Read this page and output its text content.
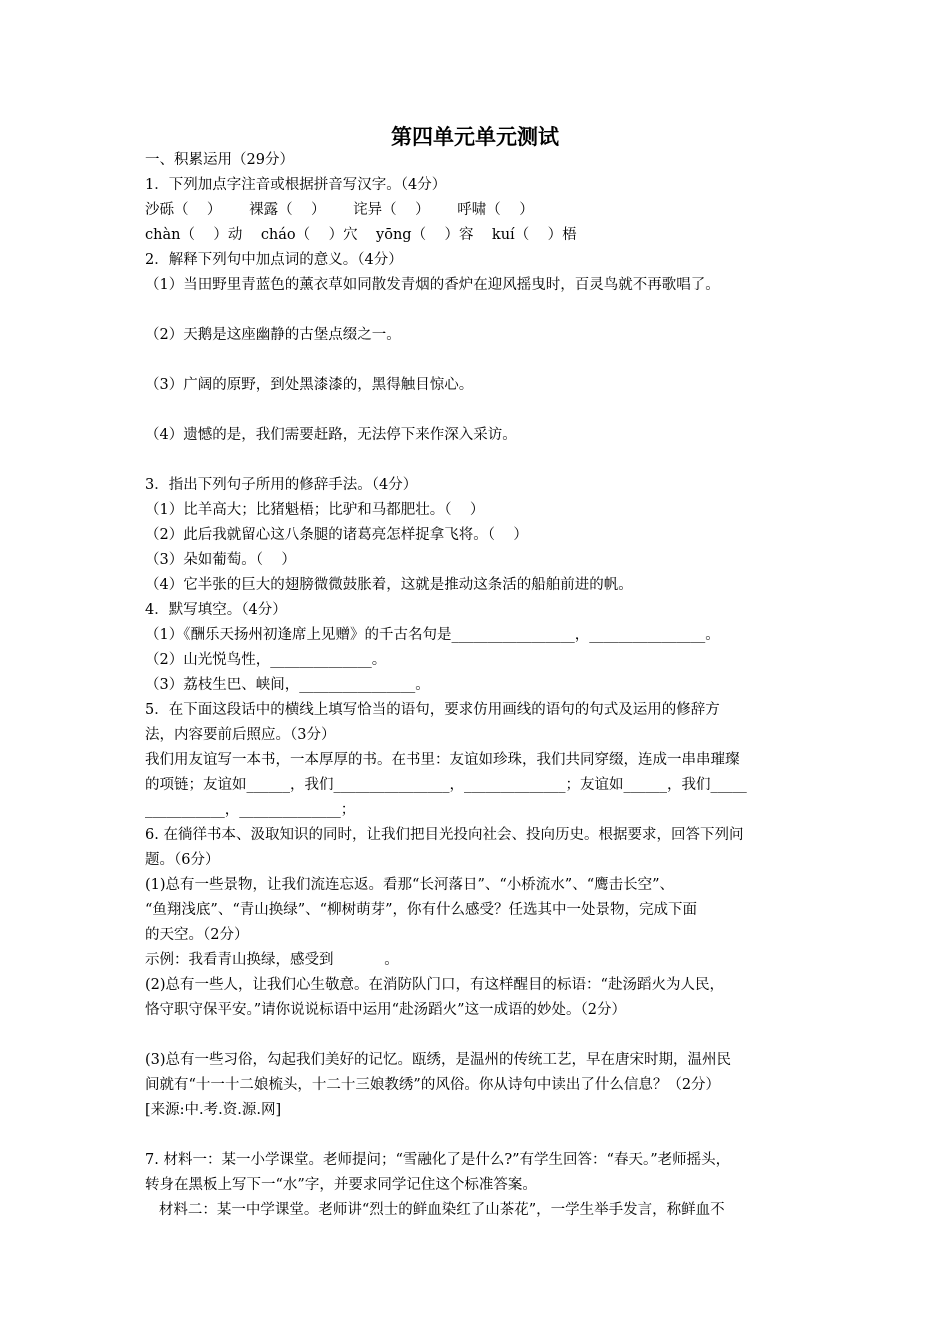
第四单元单元测试
一、积累运用（29分）
1．下列加点字注音或根据拼音写汉字。（4分）
沙砾（    ）      裸露（    ）      诧异（    ）      呼啸（    ）
chàn（    ）动    cháo（    ）穴    yōng（    ）容    kuí（    ）梧
2．解释下列句中加点词的意义。（4分）
（1）当田野里青蓝色的薰衣草如同散发青烟的香炉在迎风摇曳时，百灵鸟就不再歌唱了。
（2）天鹅是这座幽静的古堡点缀之一。
（3）广阔的原野，到处黑漆漆的，黑得触目惊心。
（4）遗憾的是，我们需要赶路，无法停下来作深入采访。
3．指出下列句子所用的修辞手法。（4分）
（1）比羊高大；比猪魁梧；比驴和马都肥壮。（    ）
（2）此后我就留心这八条腿的诸葛亮怎样捉拿飞将。（    ）
（3）朵如葡萄。（    ）
（4）它半张的巨大的翅膀微微鼓胀着，这就是推动这条活的船舶前进的帆。
4．默写填空。（4分）
（1）《酬乐天扬州初逢席上见赠》的千古名句是_________________，________________。
（2）山光悦鸟性，______________。
（3）荔枝生巴、峡间，________________。
5．在下面这段话中的横线上填写恰当的语句，要求仿用画线的语句的句式及运用的修辞方
法，内容要前后照应。（3分）
我们用友谊写一本书，一本厚厚的书。在书里：友谊如珍珠，我们共同穿缀，连成一串串璀璨
的项链；友谊如______，我们________________，______________；友谊如______，我们_____
___________，______________；
6. 在徜徉书本、汲取知识的同时，让我们把目光投向社会、投向历史。根据要求，回答下列问
题。（6分）
(1)总有一些景物，让我们流连忘返。看那“长河落日”、“小桥流水”、“鹰击长空”、
“鱼翔浅底”、“青山换绿”、“柳树萌芽”，你有什么感受？任选其中一处景物，完成下面
的天空。（2分）
示例：我看青山换绿，感受到           。
(2)总有一些人，让我们心生敬意。在消防队门口，有这样醒目的标语：“赴汤蹈火为人民，
恪守职守保平安。”请你说说标语中运用“赴汤蹈火”这一成语的妙处。（2分）
(3)总有一些习俗，勾起我们美好的记忆。瓯绣，是温州的传统工艺，早在唐宋时期，温州民
间就有“十一十二娘梳头，十二十三娘教绣”的风俗。你从诗句中读出了什么信息？（2分）
[来源:中.考.资.源.网]
7. 材料一：某一小学课堂。老师提问；“雪融化了是什么?”有学生回答：“春天。”老师摇头，
转身在黑板上写下一“水”字，并要求同学记住这个标准答案。
材料二：某一中学课堂。老师讲“烈士的鲜血染红了山茶花”，一学生举手发言，称鲜血不
